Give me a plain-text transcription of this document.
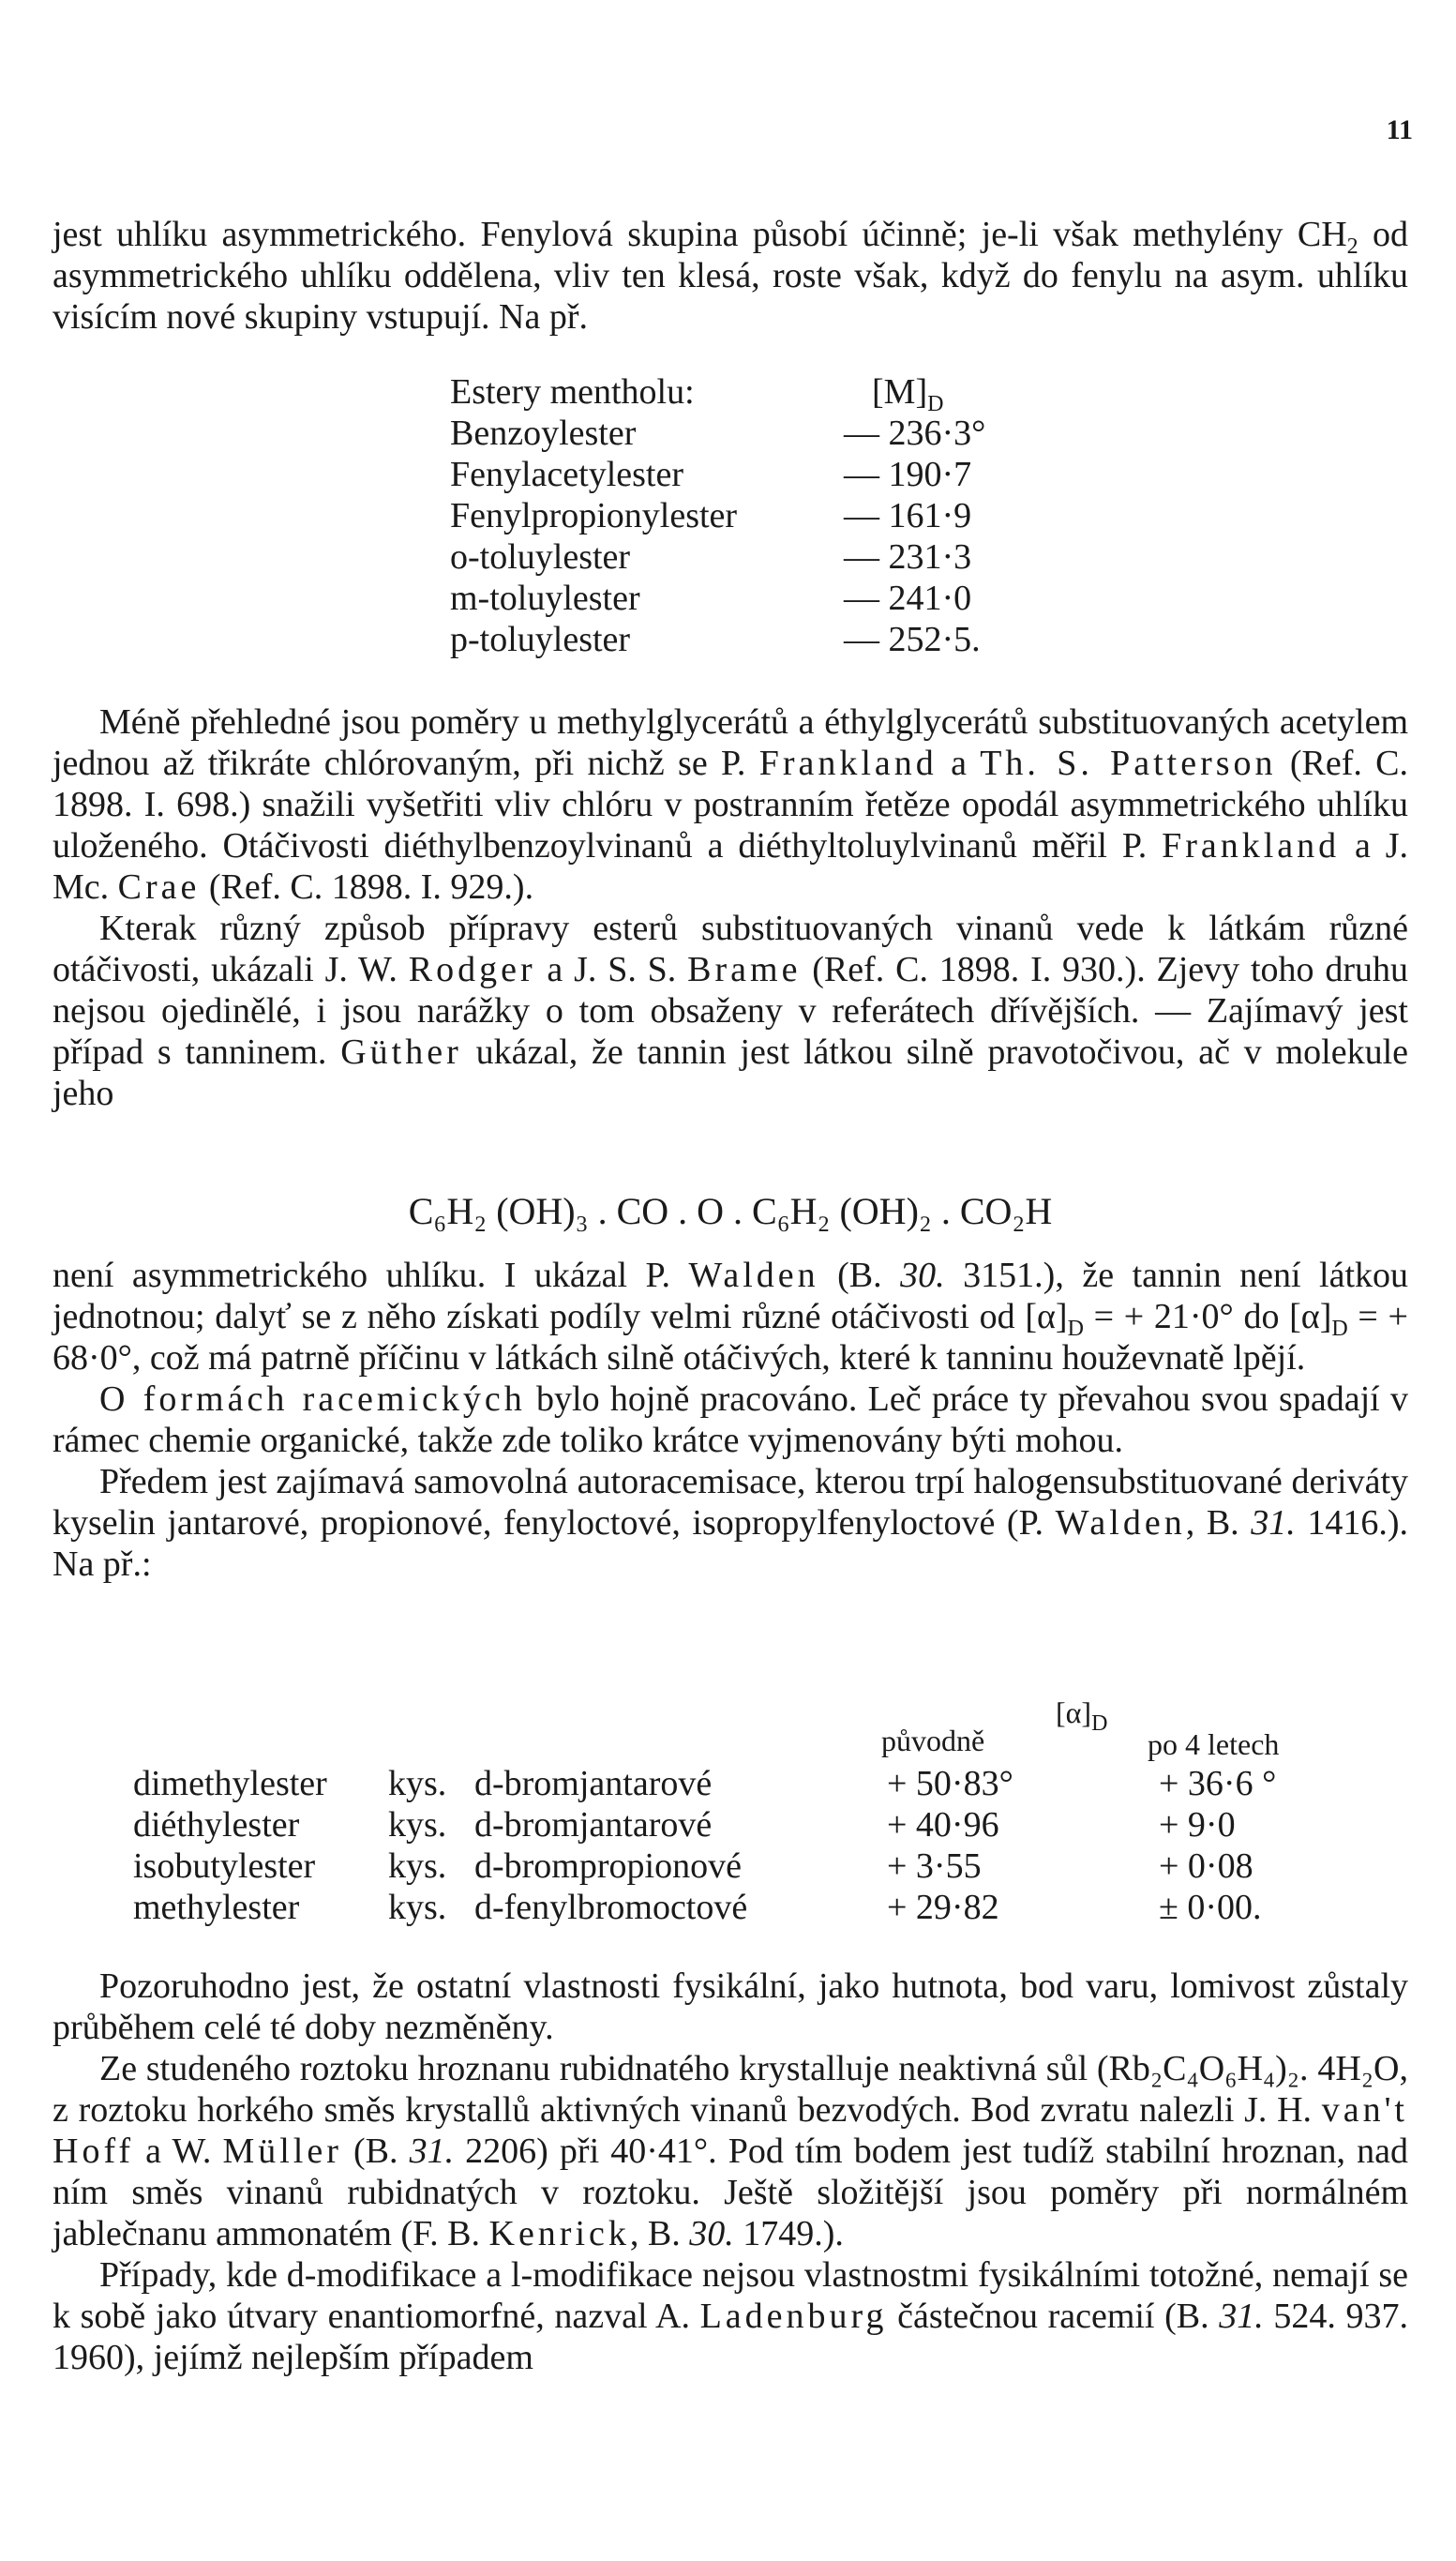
11

jest uhlíku asymmetrického. Fenylová skupina působí účinně; je-li však methylény $CH_2$ od asymmetrického uhlíku oddělena, vliv ten klesá, roste však, když do fenylu na asym. uhlíku visícím nové skupiny vstupují. Na př.

Estery mentholu:	$[M]_D$
Benzoylester	— 236·3°
Fenylacetylester	— 190·7
Fenylpropionylester	— 161·9
o-toluylester	— 231·3
m-toluylester	— 241·0
p-toluylester	— 252·5.

Méně přehledné jsou poměry u methylglycerátů a éthylglycerátů substituovaných acetylem jednou až třikráte chlórovaným, při nichž se P. Frankland a Th. S. Patterson (Ref. C. 1898. I. 698.) snažili vyšetřiti vliv chlóru v postranním řetěze opodál asymmetrického uhlíku uloženého. Otáčivosti diéthylbenzoylvinanů a diéthyltoluylvinanů měřil P. Frankland a J. Mc. Crae (Ref. C. 1898. I. 929.).

Kterak různý způsob přípravy esterů substituovaných vinanů vede k látkám různé otáčivosti, ukázali J. W. Rodger a J. S. S. Brame (Ref. C. 1898. I. 930.). Zjevy toho druhu nejsou ojedinělé, i jsou narážky o tom obsaženy v referátech dřívějších. — Zajímavý jest případ s tanninem. Güther ukázal, že tannin jest látkou silně pravotočivou, ač v molekule jeho

C₆H₂ (OH)₃ . CO . O . C₆H₂ (OH)₂ . CO₂H

není asymmetrického uhlíku. I ukázal P. Walden (B. 30. 3151.), že tannin není látkou jednotnou; dalyť se z něho získati podíly velmi různé otáčivosti od $[\alpha]_D$ = + 21·0° do $[\alpha]_D$ = + 68·0°, což má patrně příčinu v látkách silně otáčivých, které k tanninu houževnatě lpějí.

O formách racemických bylo hojně pracováno. Leč práce ty převahou svou spadají v rámec chemie organické, takže zde toliko krátce vyjmenovány býti mohou.

Předem jest zajímavá samovolná autoracemisace, kterou trpí halogensubstituované deriváty kyselin jantarové, propionové, fenyloctové, isopropylfenyloctové (P. Walden, B. 31. 1416.). Na př.:

$[\alpha]_D$
původně	po 4 letech
dimethylester	kys.	d-bromjantarové	+ 50·83°	+ 36·6 °
diéthylester	kys.	d-bromjantarové	+ 40·96	+ 9·0
isobutylester	kys.	d-brompropionové	+ 3·55	+ 0·08
methylester	kys.	d-fenylbromoctové	+ 29·82	± 0·00.

Pozoruhodno jest, že ostatní vlastnosti fysikální, jako hutnota, bod varu, lomivost zůstaly průběhem celé té doby nezměněny.

Ze studeného roztoku hroznanu rubidnatého krystalluje neaktivná sůl (Rb₂C₄O₆H₄)₂. 4H₂O, z roztoku horkého směs krystallů aktivných vinanů bezvodých. Bod zvratu nalezli J. H. van't Hoff a W. Müller (B. 31. 2206) při 40·41°. Pod tím bodem jest tudíž stabilní hroznan, nad ním směs vinanů rubidnatých v roztoku. Ještě složitější jsou poměry při normálném jablečnanu ammonatém (F. B. Kenrick, B. 30. 1749.).

Případy, kde d-modifikace a l-modifikace nejsou vlastnostmi fysikálními totožné, nemají se k sobě jako útvary enantiomorfné, nazval A. Ladenburg částečnou racemií (B. 31. 524. 937. 1960), jejímž nejlepším případem
